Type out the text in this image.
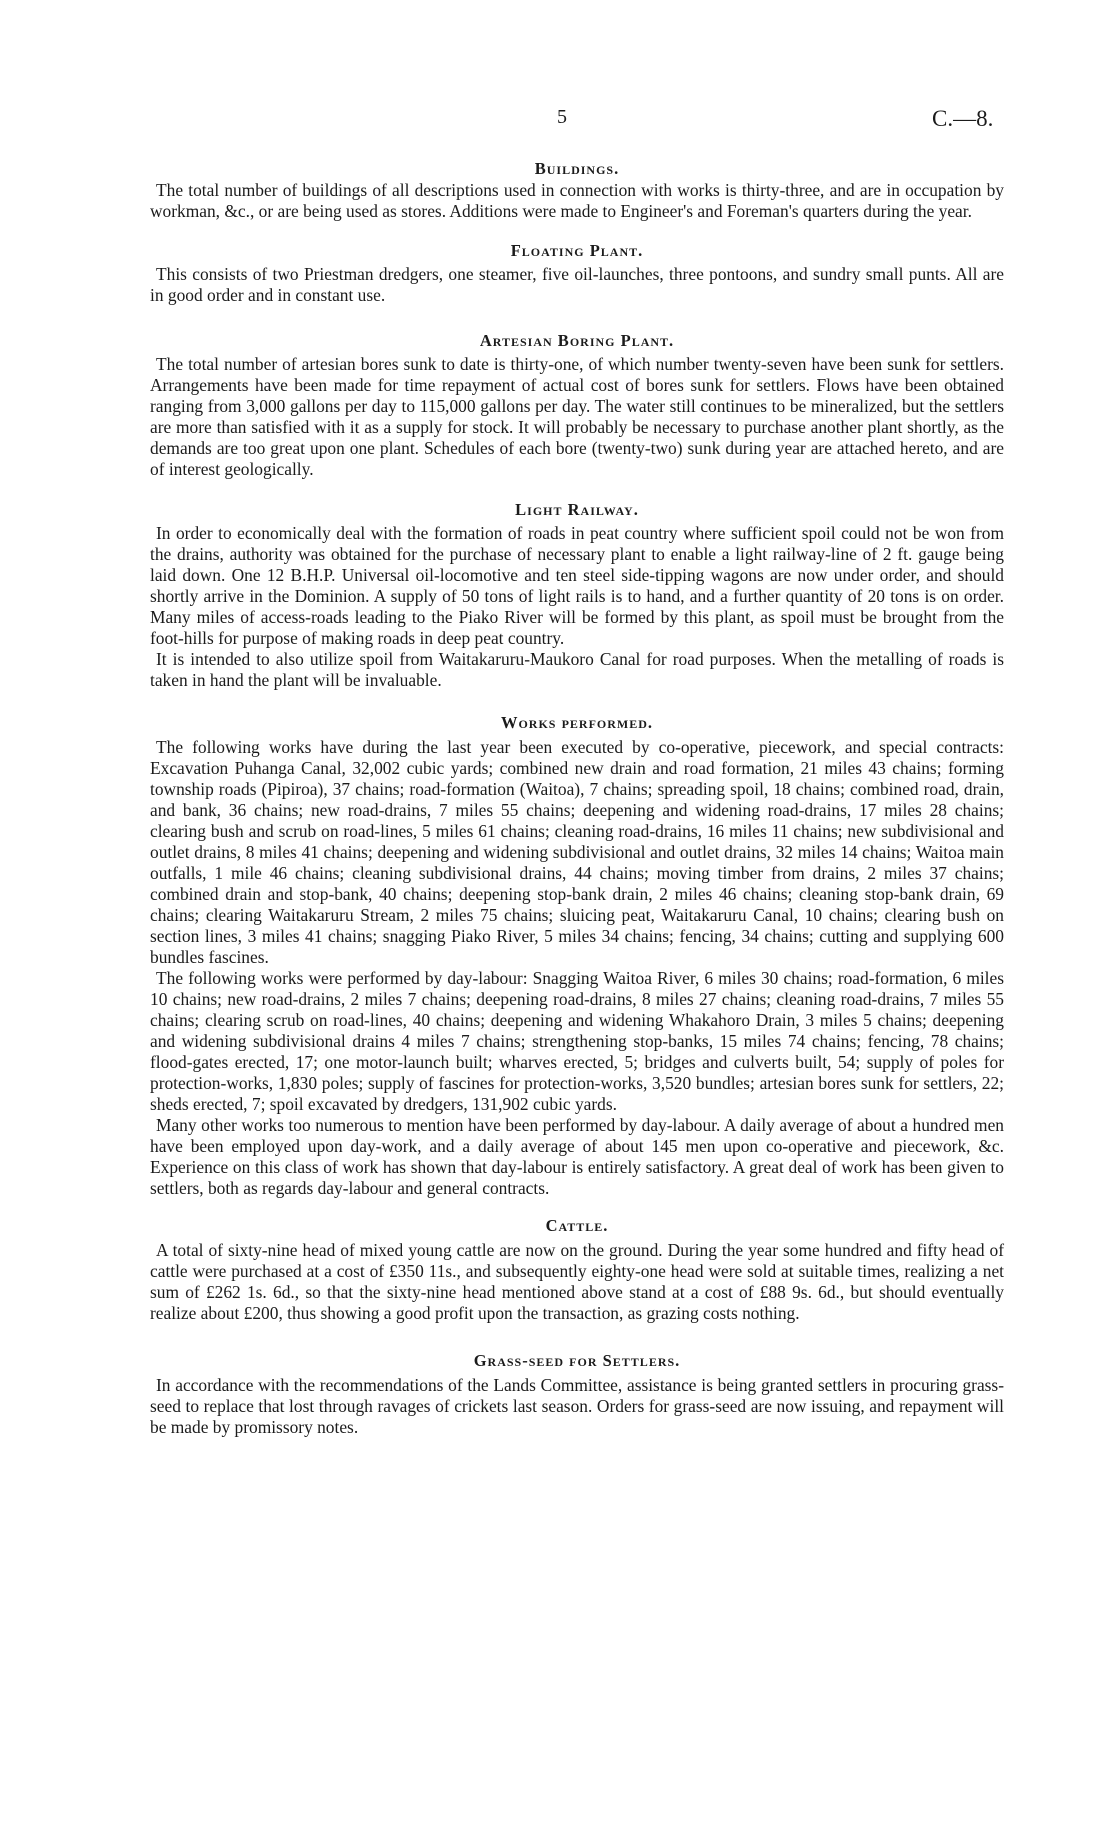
5	C.—8.
Buildings.

The total number of buildings of all descriptions used in connection with works is thirty-three, and are in occupation by workman, &c., or are being used as stores. Additions were made to Engineer's and Foreman's quarters during the year.

Floating Plant.

This consists of two Priestman dredgers, one steamer, five oil-launches, three pontoons, and sundry small punts. All are in good order and in constant use.

Artesian Boring Plant.

The total number of artesian bores sunk to date is thirty-one, of which number twenty-seven have been sunk for settlers. Arrangements have been made for time repayment of actual cost of bores sunk for settlers. Flows have been obtained ranging from 3,000 gallons per day to 115,000 gallons per day. The water still continues to be mineralized, but the settlers are more than satisfied with it as a supply for stock. It will probably be necessary to purchase another plant shortly, as the demands are too great upon one plant. Schedules of each bore (twenty-two) sunk during year are attached hereto, and are of interest geologically.

Light Railway.

In order to economically deal with the formation of roads in peat country where sufficient spoil could not be won from the drains, authority was obtained for the purchase of necessary plant to enable a light railway-line of 2 ft. gauge being laid down. One 12 B.H.P. Universal oil-locomotive and ten steel side-tipping wagons are now under order, and should shortly arrive in the Dominion. A supply of 50 tons of light rails is to hand, and a further quantity of 20 tons is on order. Many miles of access-roads leading to the Piako River will be formed by this plant, as spoil must be brought from the foot-hills for purpose of making roads in deep peat country.

It is intended to also utilize spoil from Waitakaruru-Maukoro Canal for road purposes. When the metalling of roads is taken in hand the plant will be invaluable.

Works performed.

The following works have during the last year been executed by co-operative, piecework, and special contracts: Excavation Puhanga Canal, 32,002 cubic yards; combined new drain and road formation, 21 miles 43 chains; forming township roads (Pipiroa), 37 chains; road-formation (Waitoa), 7 chains; spreading spoil, 18 chains; combined road, drain, and bank, 36 chains; new road-drains, 7 miles 55 chains; deepening and widening road-drains, 17 miles 28 chains; clearing bush and scrub on road-lines, 5 miles 61 chains; cleaning road-drains, 16 miles 11 chains; new subdivisional and outlet drains, 8 miles 41 chains; deepening and widening subdivisional and outlet drains, 32 miles 14 chains; Waitoa main outfalls, 1 mile 46 chains; cleaning subdivisional drains, 44 chains; moving timber from drains, 2 miles 37 chains; combined drain and stop-bank, 40 chains; deepening stop-bank drain, 2 miles 46 chains; cleaning stop-bank drain, 69 chains; clearing Waitakaruru Stream, 2 miles 75 chains; sluicing peat, Waitakaruru Canal, 10 chains; clearing bush on section lines, 3 miles 41 chains; snagging Piako River, 5 miles 34 chains; fencing, 34 chains; cutting and supplying 600 bundles fascines.

The following works were performed by day-labour: Snagging Waitoa River, 6 miles 30 chains; road-formation, 6 miles 10 chains; new road-drains, 2 miles 7 chains; deepening road-drains, 8 miles 27 chains; cleaning road-drains, 7 miles 55 chains; clearing scrub on road-lines, 40 chains; deepening and widening Whakahoro Drain, 3 miles 5 chains; deepening and widening subdivisional drains 4 miles 7 chains; strengthening stop-banks, 15 miles 74 chains; fencing, 78 chains; flood-gates erected, 17; one motor-launch built; wharves erected, 5; bridges and culverts built, 54; supply of poles for protection-works, 1,830 poles; supply of fascines for protection-works, 3,520 bundles; artesian bores sunk for settlers, 22; sheds erected, 7; spoil excavated by dredgers, 131,902 cubic yards.

Many other works too numerous to mention have been performed by day-labour. A daily average of about a hundred men have been employed upon day-work, and a daily average of about 145 men upon co-operative and piecework, &c. Experience on this class of work has shown that day-labour is entirely satisfactory. A great deal of work has been given to settlers, both as regards day-labour and general contracts.

Cattle.

A total of sixty-nine head of mixed young cattle are now on the ground. During the year some hundred and fifty head of cattle were purchased at a cost of £350 11s., and subsequently eighty-one head were sold at suitable times, realizing a net sum of £262 1s. 6d., so that the sixty-nine head mentioned above stand at a cost of £88 9s. 6d., but should eventually realize about £200, thus showing a good profit upon the transaction, as grazing costs nothing.

Grass-seed for Settlers.

In accordance with the recommendations of the Lands Committee, assistance is being granted settlers in procuring grass-seed to replace that lost through ravages of crickets last season. Orders for grass-seed are now issuing, and repayment will be made by promissory notes.
